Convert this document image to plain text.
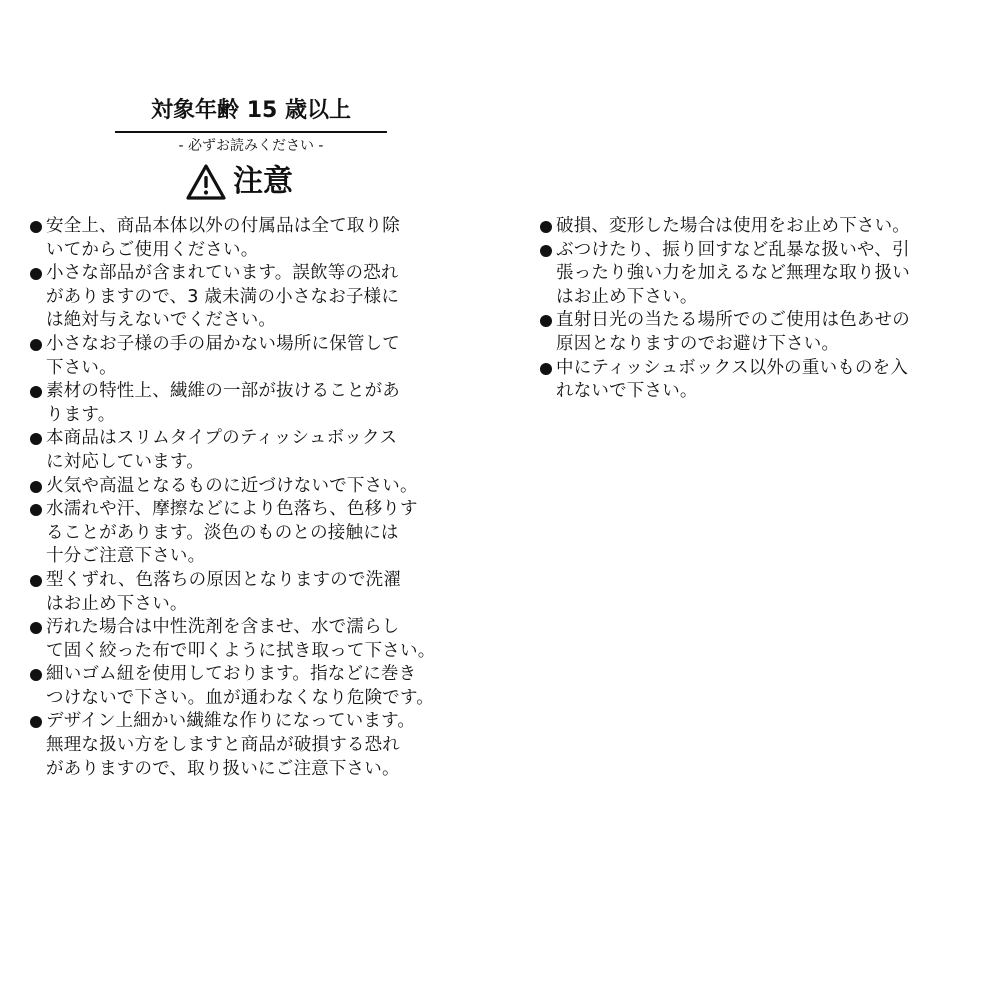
対象年齢 15 歳以上
- 必ずお読みください -
注意
安全上、商品本体以外の付属品は全て取り除
いてからご使用ください。
小さな部品が含まれています。誤飲等の恐れ
がありますので、3 歳未満の小さなお子様に
は絶対与えないでください。
小さなお子様の手の届かない場所に保管して
下さい。
素材の特性上、繊維の一部が抜けることがあ
ります。
本商品はスリムタイプのティッシュボックス
に対応しています。
火気や高温となるものに近づけないで下さい。
水濡れや汗、摩擦などにより色落ち、色移りす
ることがあります。淡色のものとの接触には
十分ご注意下さい。
型くずれ、色落ちの原因となりますので洗濯
はお止め下さい。
汚れた場合は中性洗剤を含ませ、水で濡らし
て固く絞った布で叩くように拭き取って下さい。
細いゴム紐を使用しております。指などに巻き
つけないで下さい。血が通わなくなり危険です。
デザイン上細かい繊維な作りになっています。
無理な扱い方をしますと商品が破損する恐れ
がありますので、取り扱いにご注意下さい。
破損、変形した場合は使用をお止め下さい。
ぶつけたり、振り回すなど乱暴な扱いや、引
張ったり強い力を加えるなど無理な取り扱い
はお止め下さい。
直射日光の当たる場所でのご使用は色あせの
原因となりますのでお避け下さい。
中にティッシュボックス以外の重いものを入
れないで下さい。
